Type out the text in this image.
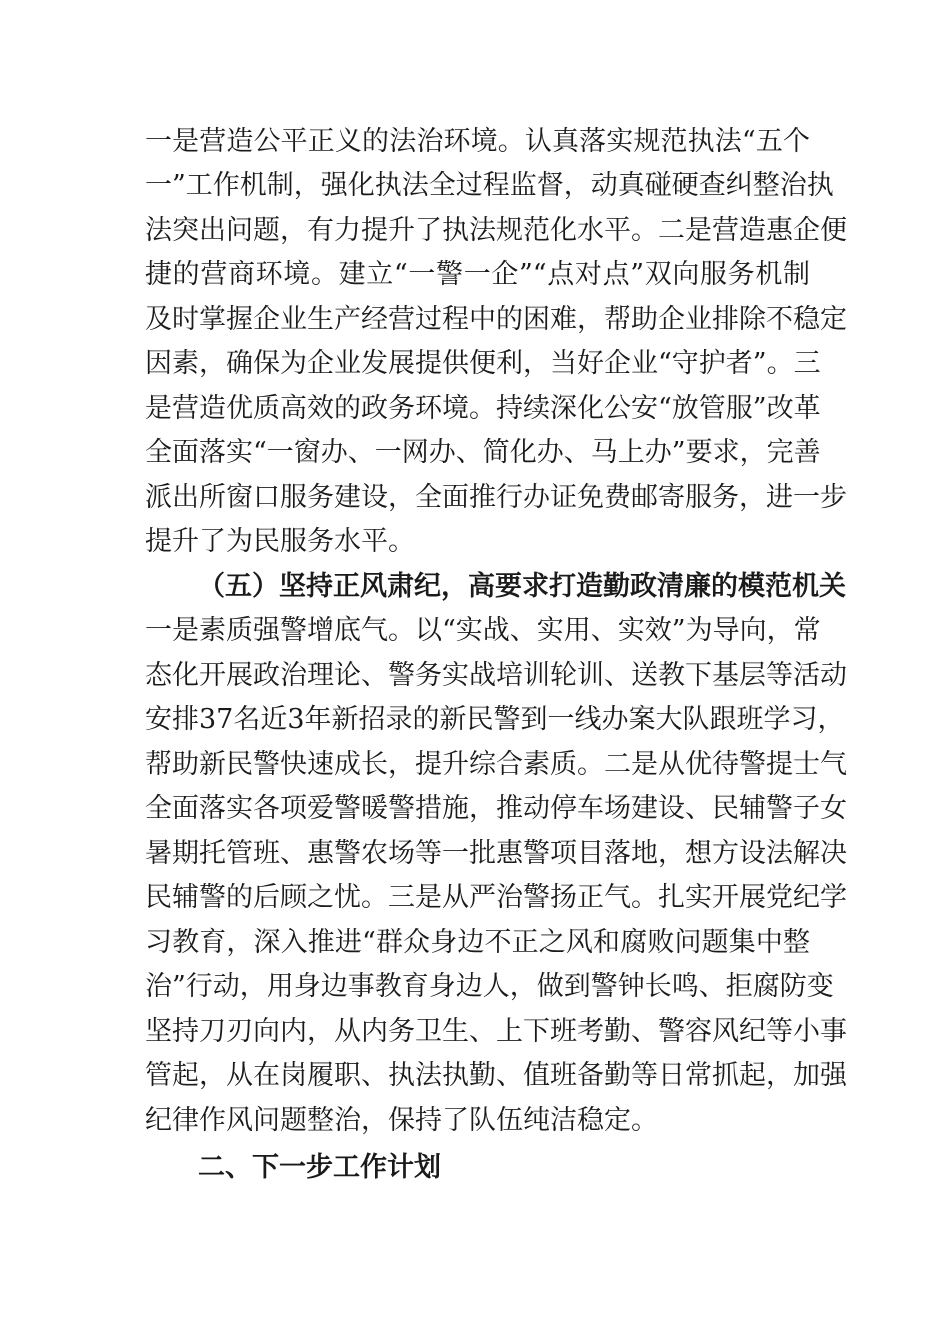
一是营造公平正义的法治环境。认真落实规范执法“五个
一”工作机制，强化执法全过程监督，动真碰硬查纠整治执
法突出问题，有力提升了执法规范化水平。二是营造惠企便
捷的营商环境。建立“一警一企”“点对点”双向服务机制
及时掌握企业生产经营过程中的困难，帮助企业排除不稳定
因素，确保为企业发展提供便利，当好企业“守护者”。三
是营造优质高效的政务环境。持续深化公安“放管服”改革
全面落实“一窗办、一网办、简化办、马上办”要求，完善
派出所窗口服务建设，全面推行办证免费邮寄服务，进一步
提升了为民服务水平。
（五）坚持正风肃纪，高要求打造勤政清廉的模范机关
一是素质强警增底气。以“实战、实用、实效”为导向，常
态化开展政治理论、警务实战培训轮训、送教下基层等活动
安排37名近3年新招录的新民警到一线办案大队跟班学习，
帮助新民警快速成长，提升综合素质。二是从优待警提士气
全面落实各项爱警暖警措施，推动停车场建设、民辅警子女
暑期托管班、惠警农场等一批惠警项目落地，想方设法解决
民辅警的后顾之忧。三是从严治警扬正气。扎实开展党纪学
习教育，深入推进“群众身边不正之风和腐败问题集中整
治”行动，用身边事教育身边人，做到警钟长鸣、拒腐防变
坚持刀刃向内，从内务卫生、上下班考勤、警容风纪等小事
管起，从在岗履职、执法执勤、值班备勤等日常抓起，加强
纪律作风问题整治，保持了队伍纯洁稳定。
二、下一步工作计划
